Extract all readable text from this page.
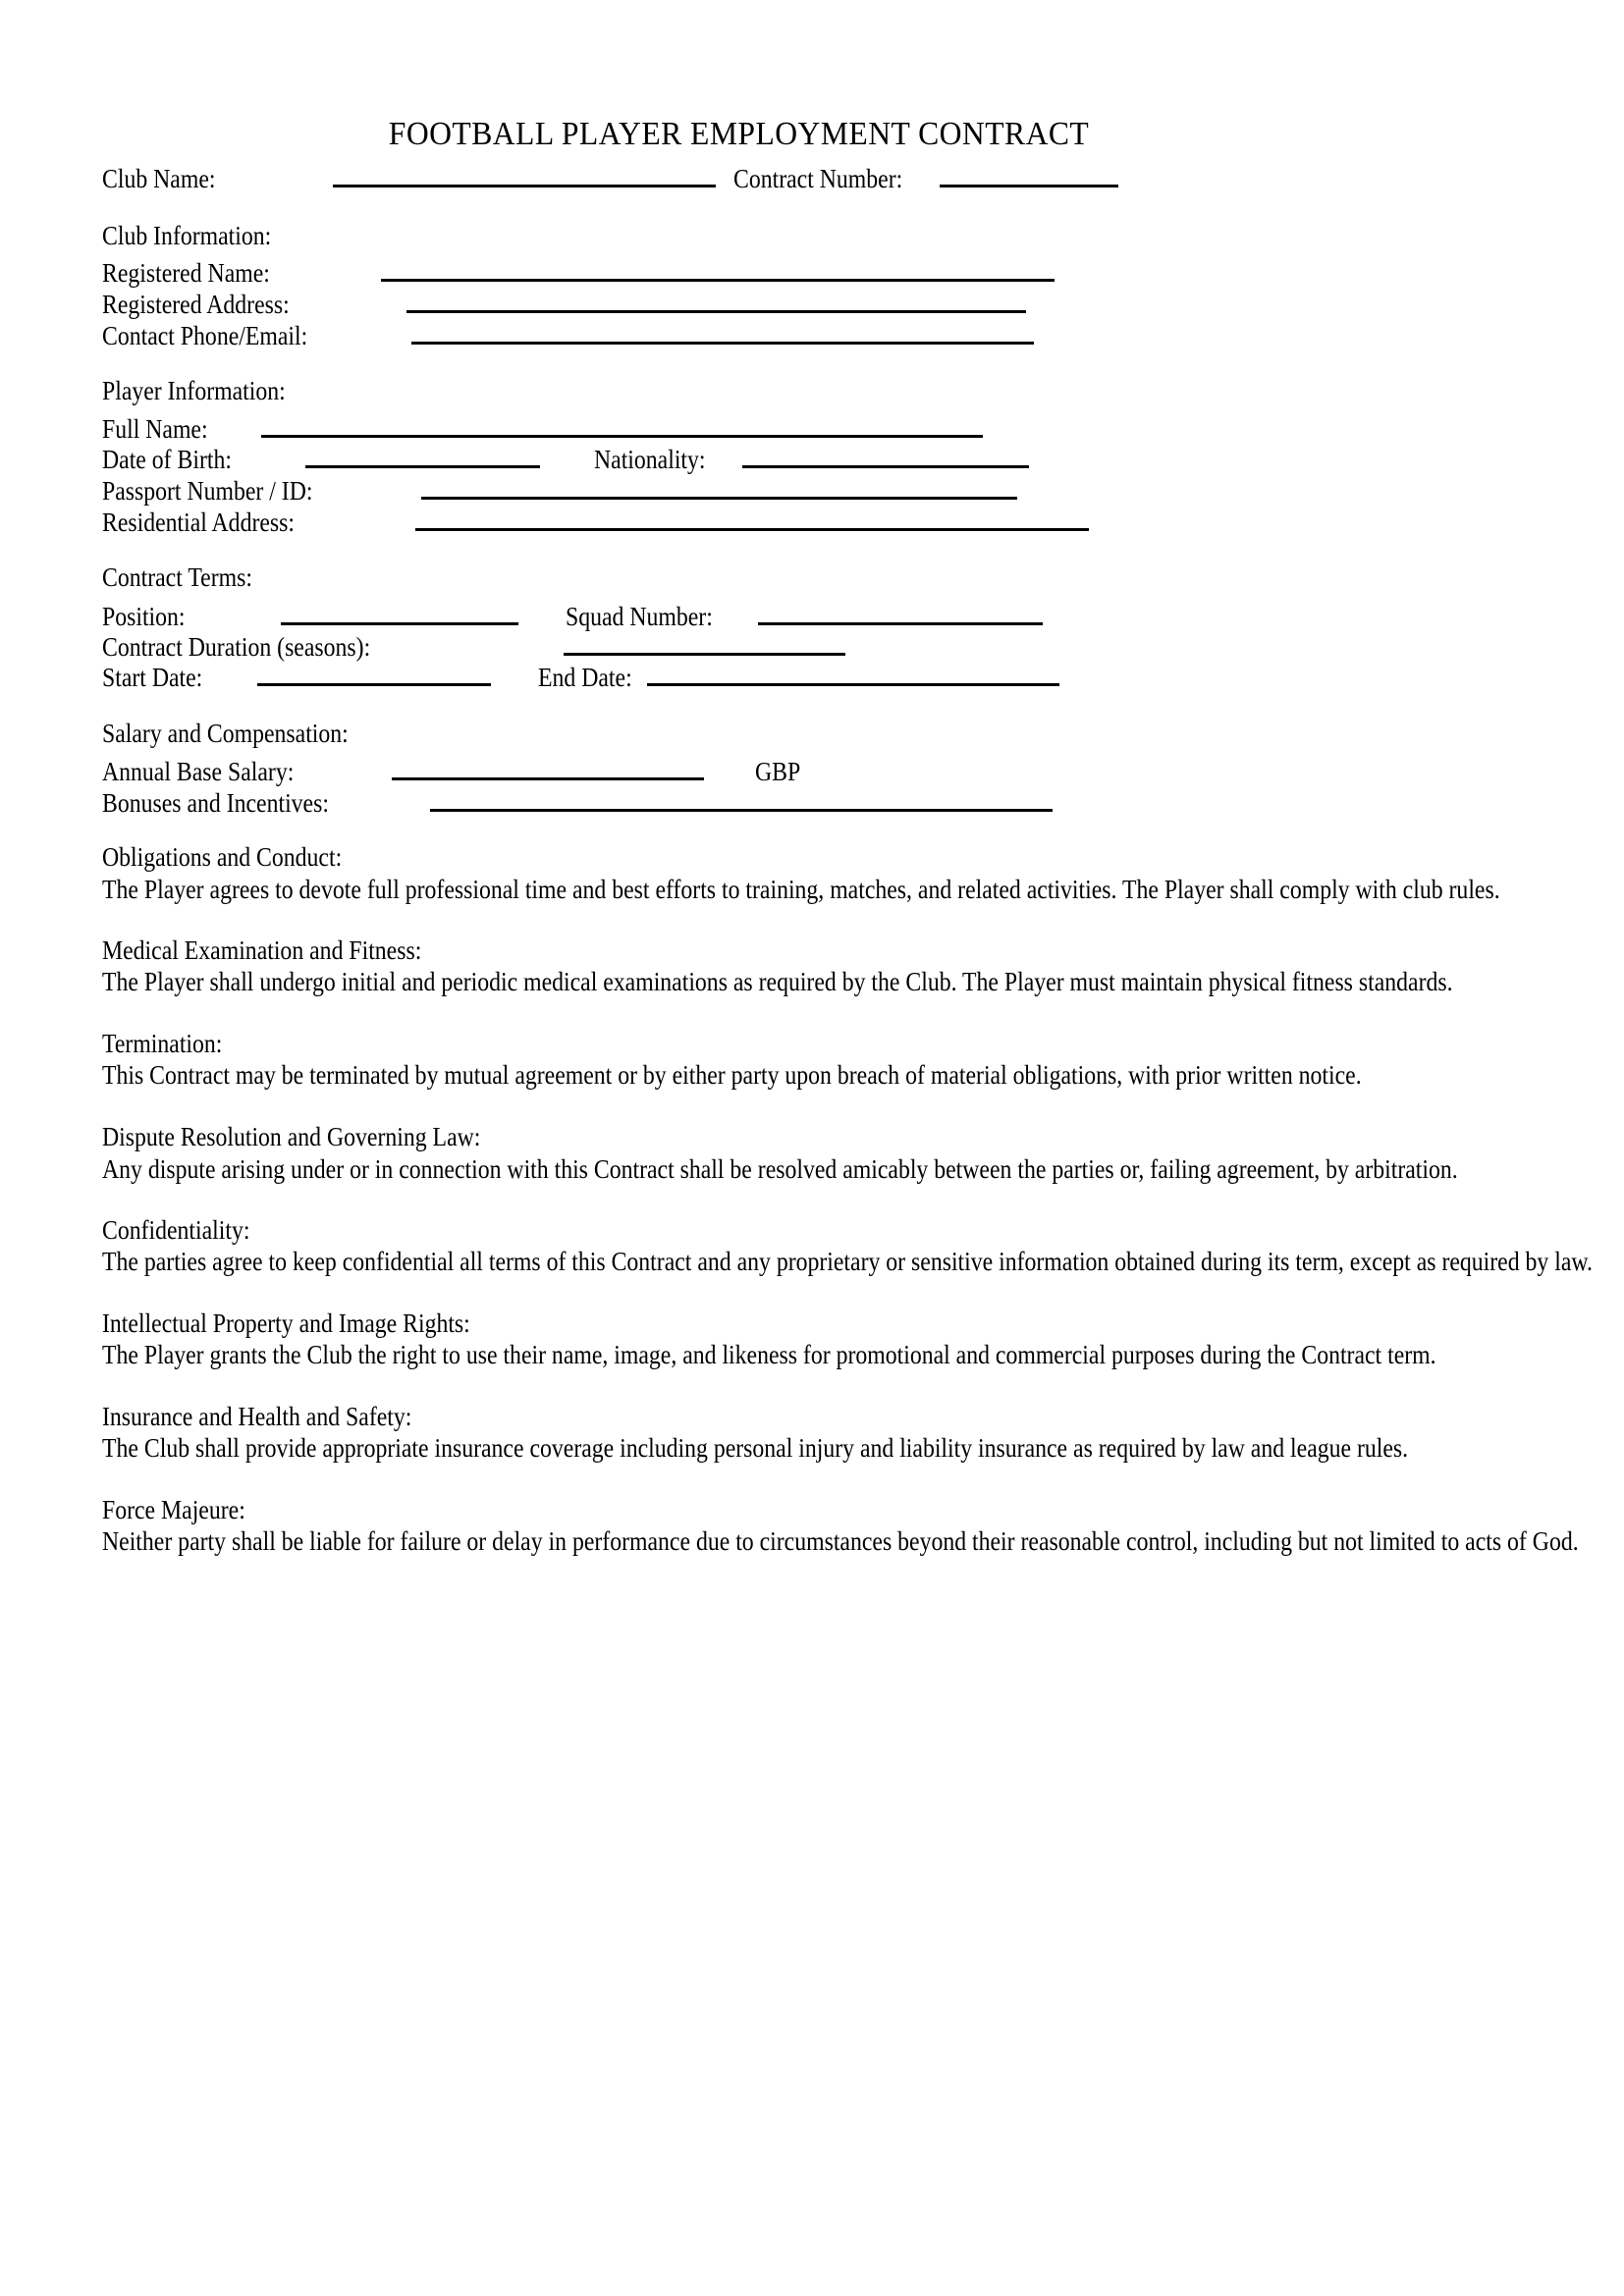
FOOTBALL PLAYER EMPLOYMENT CONTRACT
Club Name:	Contract Number:
Club Information:
Registered Name:
Registered Address:
Contact Phone/Email:
Player Information:
Full Name:
Date of Birth:	Nationality:
Passport Number / ID:
Residential Address:
Contract Terms:
Position:	Squad Number:
Contract Duration (seasons):
Start Date:	End Date:
Salary and Compensation:
Annual Base Salary:	GBP
Bonuses and Incentives:
Obligations and Conduct:
The Player agrees to devote full professional time and best efforts to training, matches, and related activities. The Player shall comply with club rules.
Medical Examination and Fitness:
The Player shall undergo initial and periodic medical examinations as required by the Club. The Player must maintain physical fitness standards.
Termination:
This Contract may be terminated by mutual agreement or by either party upon breach of material obligations, with prior written notice.
Dispute Resolution and Governing Law:
Any dispute arising under or in connection with this Contract shall be resolved amicably between the parties or, failing agreement, by arbitration.
Confidentiality:
The parties agree to keep confidential all terms of this Contract and any proprietary or sensitive information obtained during its term, except as required by law.
Intellectual Property and Image Rights:
The Player grants the Club the right to use their name, image, and likeness for promotional and commercial purposes during the Contract term.
Insurance and Health and Safety:
The Club shall provide appropriate insurance coverage including personal injury and liability insurance as required by law and league rules.
Force Majeure:
Neither party shall be liable for failure or delay in performance due to circumstances beyond their reasonable control, including but not limited to acts of God.
